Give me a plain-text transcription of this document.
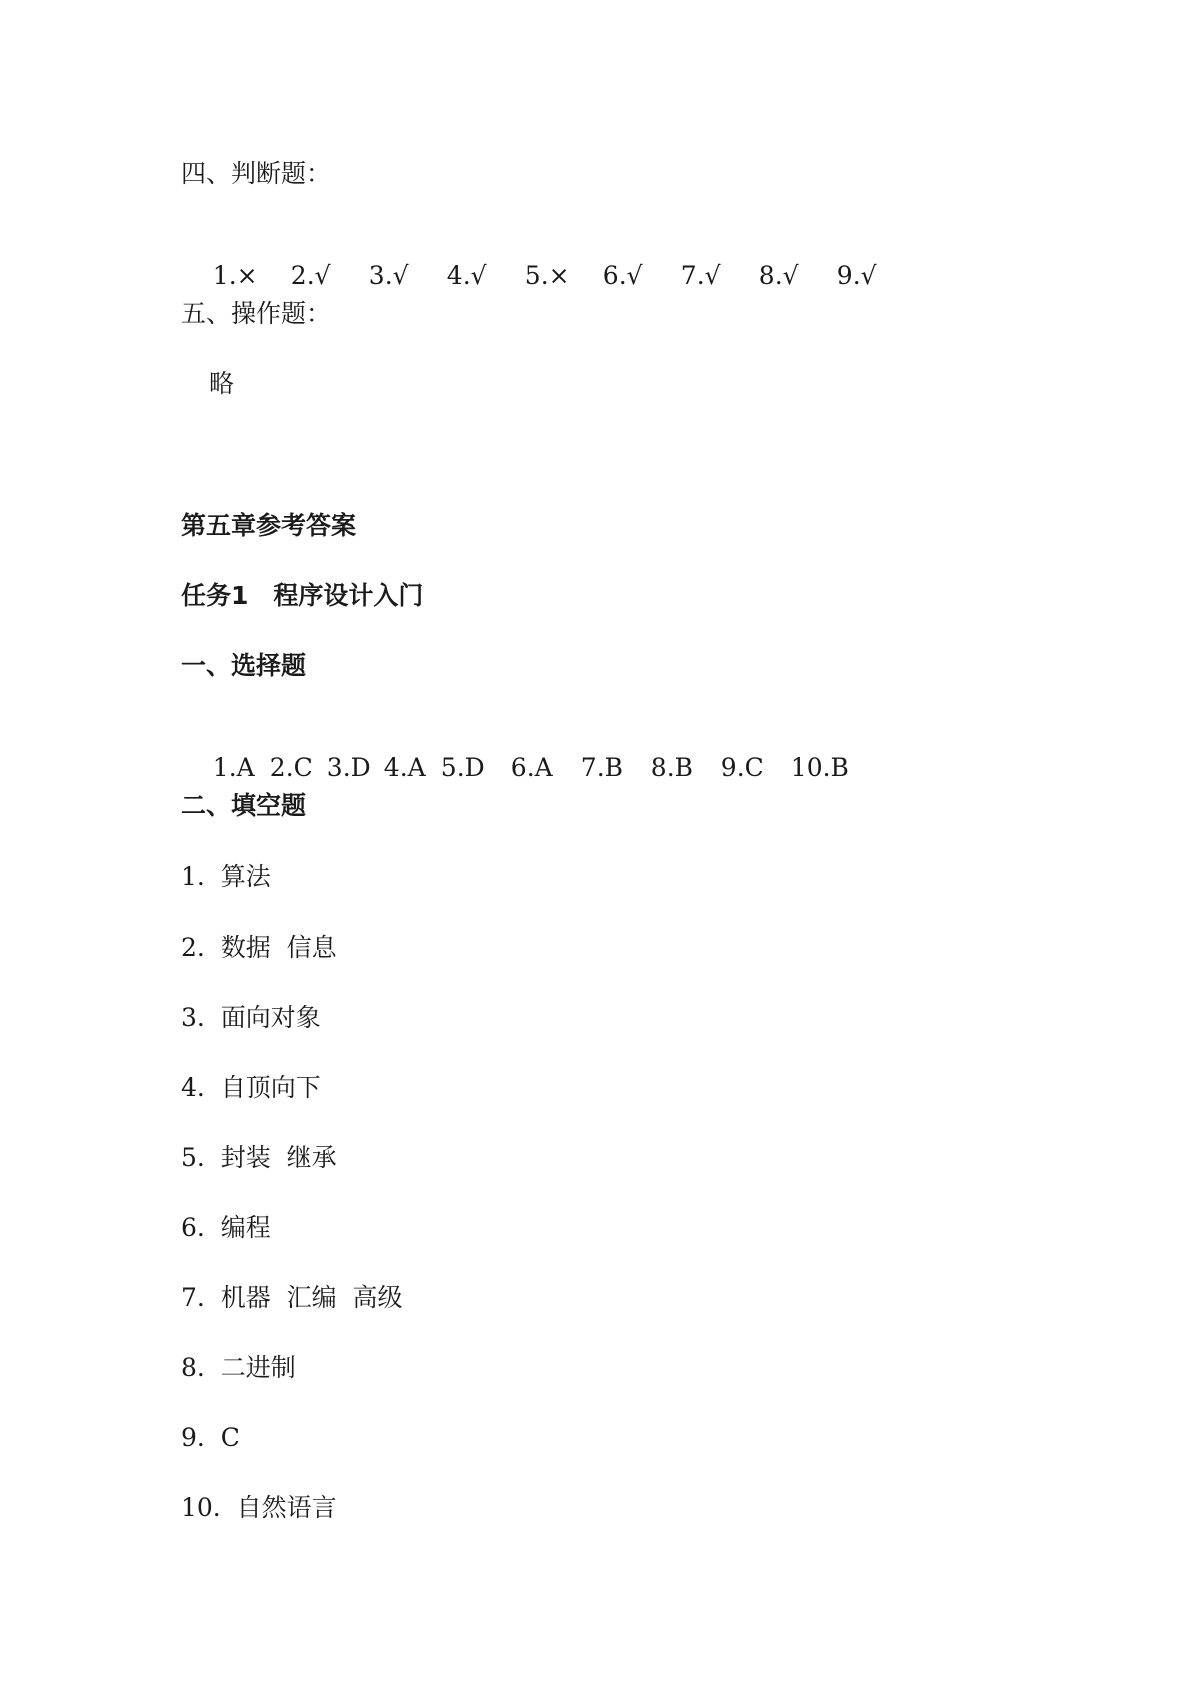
四、判断题：

1.× 2.√ 3.√ 4.√ 5.× 6.√ 7.√ 8.√ 9.√

五、操作题：
略
第五章参考答案
任务1　程序设计入门
一、选择题

1.A 2.C 3.D 4.A 5.D 6.A 7.B 8.B 9.C 10.B

二、填空题
1.  算法
2.  数据  信息
3.  面向对象
4.  自顶向下
5.  封装  继承
6.  编程
7.  机器  汇编  高级
8.  二进制
9.  C
10.  自然语言
